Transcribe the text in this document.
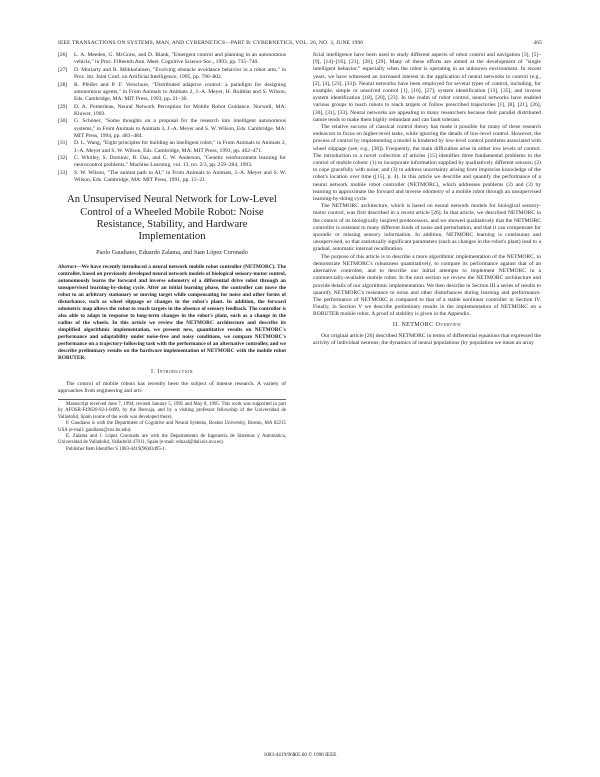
IEEE TRANSACTIONS ON SYSTEMS, MAN, AND CYBERNETICS—PART B: CYBERNETICS, VOL. 26, NO. 3, JUNE 1996	465
[26]	L. A. Meeden, G. McGraw, and D. Blank, "Emergent control and planning in an autonomous vehicle," in Proc. Fifteenth Ann. Meet. Cognitive Science Soc., 1993, pp. 735–740.
[27]	D. Moriarty and R. Miikkulainen, "Evolving obstacle avoidance behavior in a robot arm," in Proc. Int. Joint Conf. on Artificial Intelligence, 1995, pp. 796–802.
[28]	R. Pfeifer and P. F. Verschure, "Distributed adaptive control: a paradigm for designing autonomous agents," in From Animals to Animats 2, J.-A. Meyer, H. Roitblat and S. Wilson, Eds. Cambridge, MA: MIT Press, 1993, pp. 21–30.
[29]	D. A. Pomerleau, Neural Network Perception for Mobile Robot Guidance. Norwell, MA: Kluwer, 1993.
[30]	G. Schöner, "Some thoughts on a proposal for the research into intelligent autonomous systems," in From Animals to Animats 3, J.-A. Meyer and S. W. Wilson, Eds. Cambridge, MA: MIT Press, 1994, pp. 483–484.
[31]	D. L. Wang, "Eight principles for building an intelligent robot," in From Animals to Animats 2, J.-A. Meyer and S. W. Wilson, Eds. Cambridge, MA: MIT Press, 1993, pp. 462–471.
[32]	C. Whitley, S. Dominic, R. Das, and C. W. Anderson, "Genetic reinforcement learning for neurocontrol problems," Machine Learning, vol. 13, no. 2/3, pp. 259–284, 1993.
[33]	S. W. Wilson, "The animat path to AI," in From Animals to Animats, J.-A. Meyer and S. W. Wilson, Eds. Cambridge, MA: MIT Press, 1991, pp. 15–21.
An Unsupervised Neural Network for Low-Level Control of a Wheeled Mobile Robot: Noise Resistance, Stability, and Hardware Implementation
Paolo Gaudiano, Eduardo Zalama, and Juan López Coronado

Abstract—We have recently introduced a neural network mobile robot controller (NETMORC). The controller, based on previously developed neural network models of biological sensory-motor control, autonomously learns the forward and inverse odometry of a differential drive robot through an unsupervised learning-by-doing cycle. After an initial learning phase, the controller can move the robot to an arbitrary stationary or moving target while compensating for noise and other forms of disturbance, such as wheel slippage or changes in the robot's plant. In addition, the forward odometric map allows the robot to reach targets in the absence of sensory feedback. The controller is also able to adapt in response to long-term changes in the robot's plant, such as a change in the radius of the wheels. In this article we review the NETMORC architecture and describe its simplified algorithmic implementation, we present new, quantitative results on NETMORC's performance and adaptability under noise-free and noisy conditions, we compare NETMORC's performance on a trajectory-following task with the performance of an alternative controller, and we describe preliminary results on the hardware implementation of NETMORC with the mobile robot ROBUTER.

I. Introduction

The control of mobile robots has recently been the subject of intense research. A variety of approaches from engineering and arti-

Manuscript received June 7, 1994; revised January 5, 1995 and May 8, 1995. This work was supported in part by AFOSR-F49620-92-J-0499, by the Ibercaja, and by a visiting professor fellowship of the Universidad de Valladolid, Spain (some of the work was developed there).

P. Gaudiano is with the Department of Cognitive and Neural Systems, Boston University, Boston, MA 02215 USA (e-mail: gaudiano@cns.bu.edu).

E. Zalama and J. López Coronado are with the Departamento de Ingeniería de Sistemas y Automática, Universidad de Valladolid, Valladolid 47011, Spain (e-mail: eduzal@dali.eis.uva.es).

Publisher Item Identifier S 1083-4419(96)03495-1.

ficial intelligence have been used to study different aspects of robot control and navigation [3], [5]–[9], [14]–[16], [21], [28], [29]. Many of these efforts are aimed at the development of "single intelligent behavior," especially when the robot is operating in an unknown environment. In recent years, we have witnessed an increased interest in the application of neural networks to control (e.g., [2], [4], [23], [33]). Neural networks have been employed for several types of control, including, for example, simple or unsolved control [1], [10], [27]; system identification [13], [35]; and inverse system identification [18], [20], [23]. In the realm of robot control, neural networks have enabled various groups to teach robots to reach targets or follow prescribed trajectories [1], [8], [21], [26], [30], [31], [33]. Neural networks are appealing to many researchers because their parallel distributed nature tends to make them highly redundant and can fault tolerant.

The relative success of classical control theory has made it possible for many of these research endeavors to focus on higher-level tasks, while ignoring the details of low-level control. However, the process of control by implementing a model is hindered by low-level control problems associated with wheel slippage (see, e.g., [38]). Frequently, the main difficulties arise in either low levels of control. The introduction to a novel collection of articles [15] identifies three fundamental problems in the control of mobile robots: (1) to incorporate information supplied by qualitatively different sensors; (2) to cope gracefully with noise; and (3) to address uncertainty arising from imprecise knowledge of the robot's location over time ([15], p. 4). In this article we describe and quantify the performance of a neural network mobile robot controller (NETMORC), which addresses problems (2) and (3) by learning to approximate the forward and inverse odometry of a mobile robot through an unsupervised learning-by-doing cycle.

The NETMORC architecture, which is based on neural network models for biological sensory-motor control, was first described in a recent article [26]. In that article, we described NETMORC in the context of its biologically inspired predecessors, and we showed qualitatively that the NETMORC controller is resistant to many different kinds of noise and perturbation, and that it can compensate for sporadic or missing sensory information. In addition, NETMORC learning is continuous and unsupervised, so that statistically significant parameters (such as changes in the robot's plant) lead to a gradual, automatic internal recalibration.

The purpose of this article is to describe a more algorithmic implementation of the NETMORC, to demonstrate NETMORC's robustness quantitatively, to compare its performance against that of an alternative controller, and to describe our initial attempts to implement NETMORC in a commercially-available mobile robot. In the next section we review the NETMORC architecture and provide details of our algorithmic implementation. We then describe in Section III a series of results to quantify NETMORC's resistance to noise and other disturbances during learning and performance. The performance of NETMORC is compared to that of a stable nonlinear controller in Section IV. Finally, in Section V we describe preliminary results in the implementation of NETMORC on a ROBUTER mobile robot. A proof of stability is given in the Appendix.

II. NETMORC Overview

Our original article [26] described NETMORC in terms of differential equations that expressed the activity of individual neurons; the dynamics of neural populations (by population we mean an array

1083-4419/96$05.00 © 1996 IEEE
